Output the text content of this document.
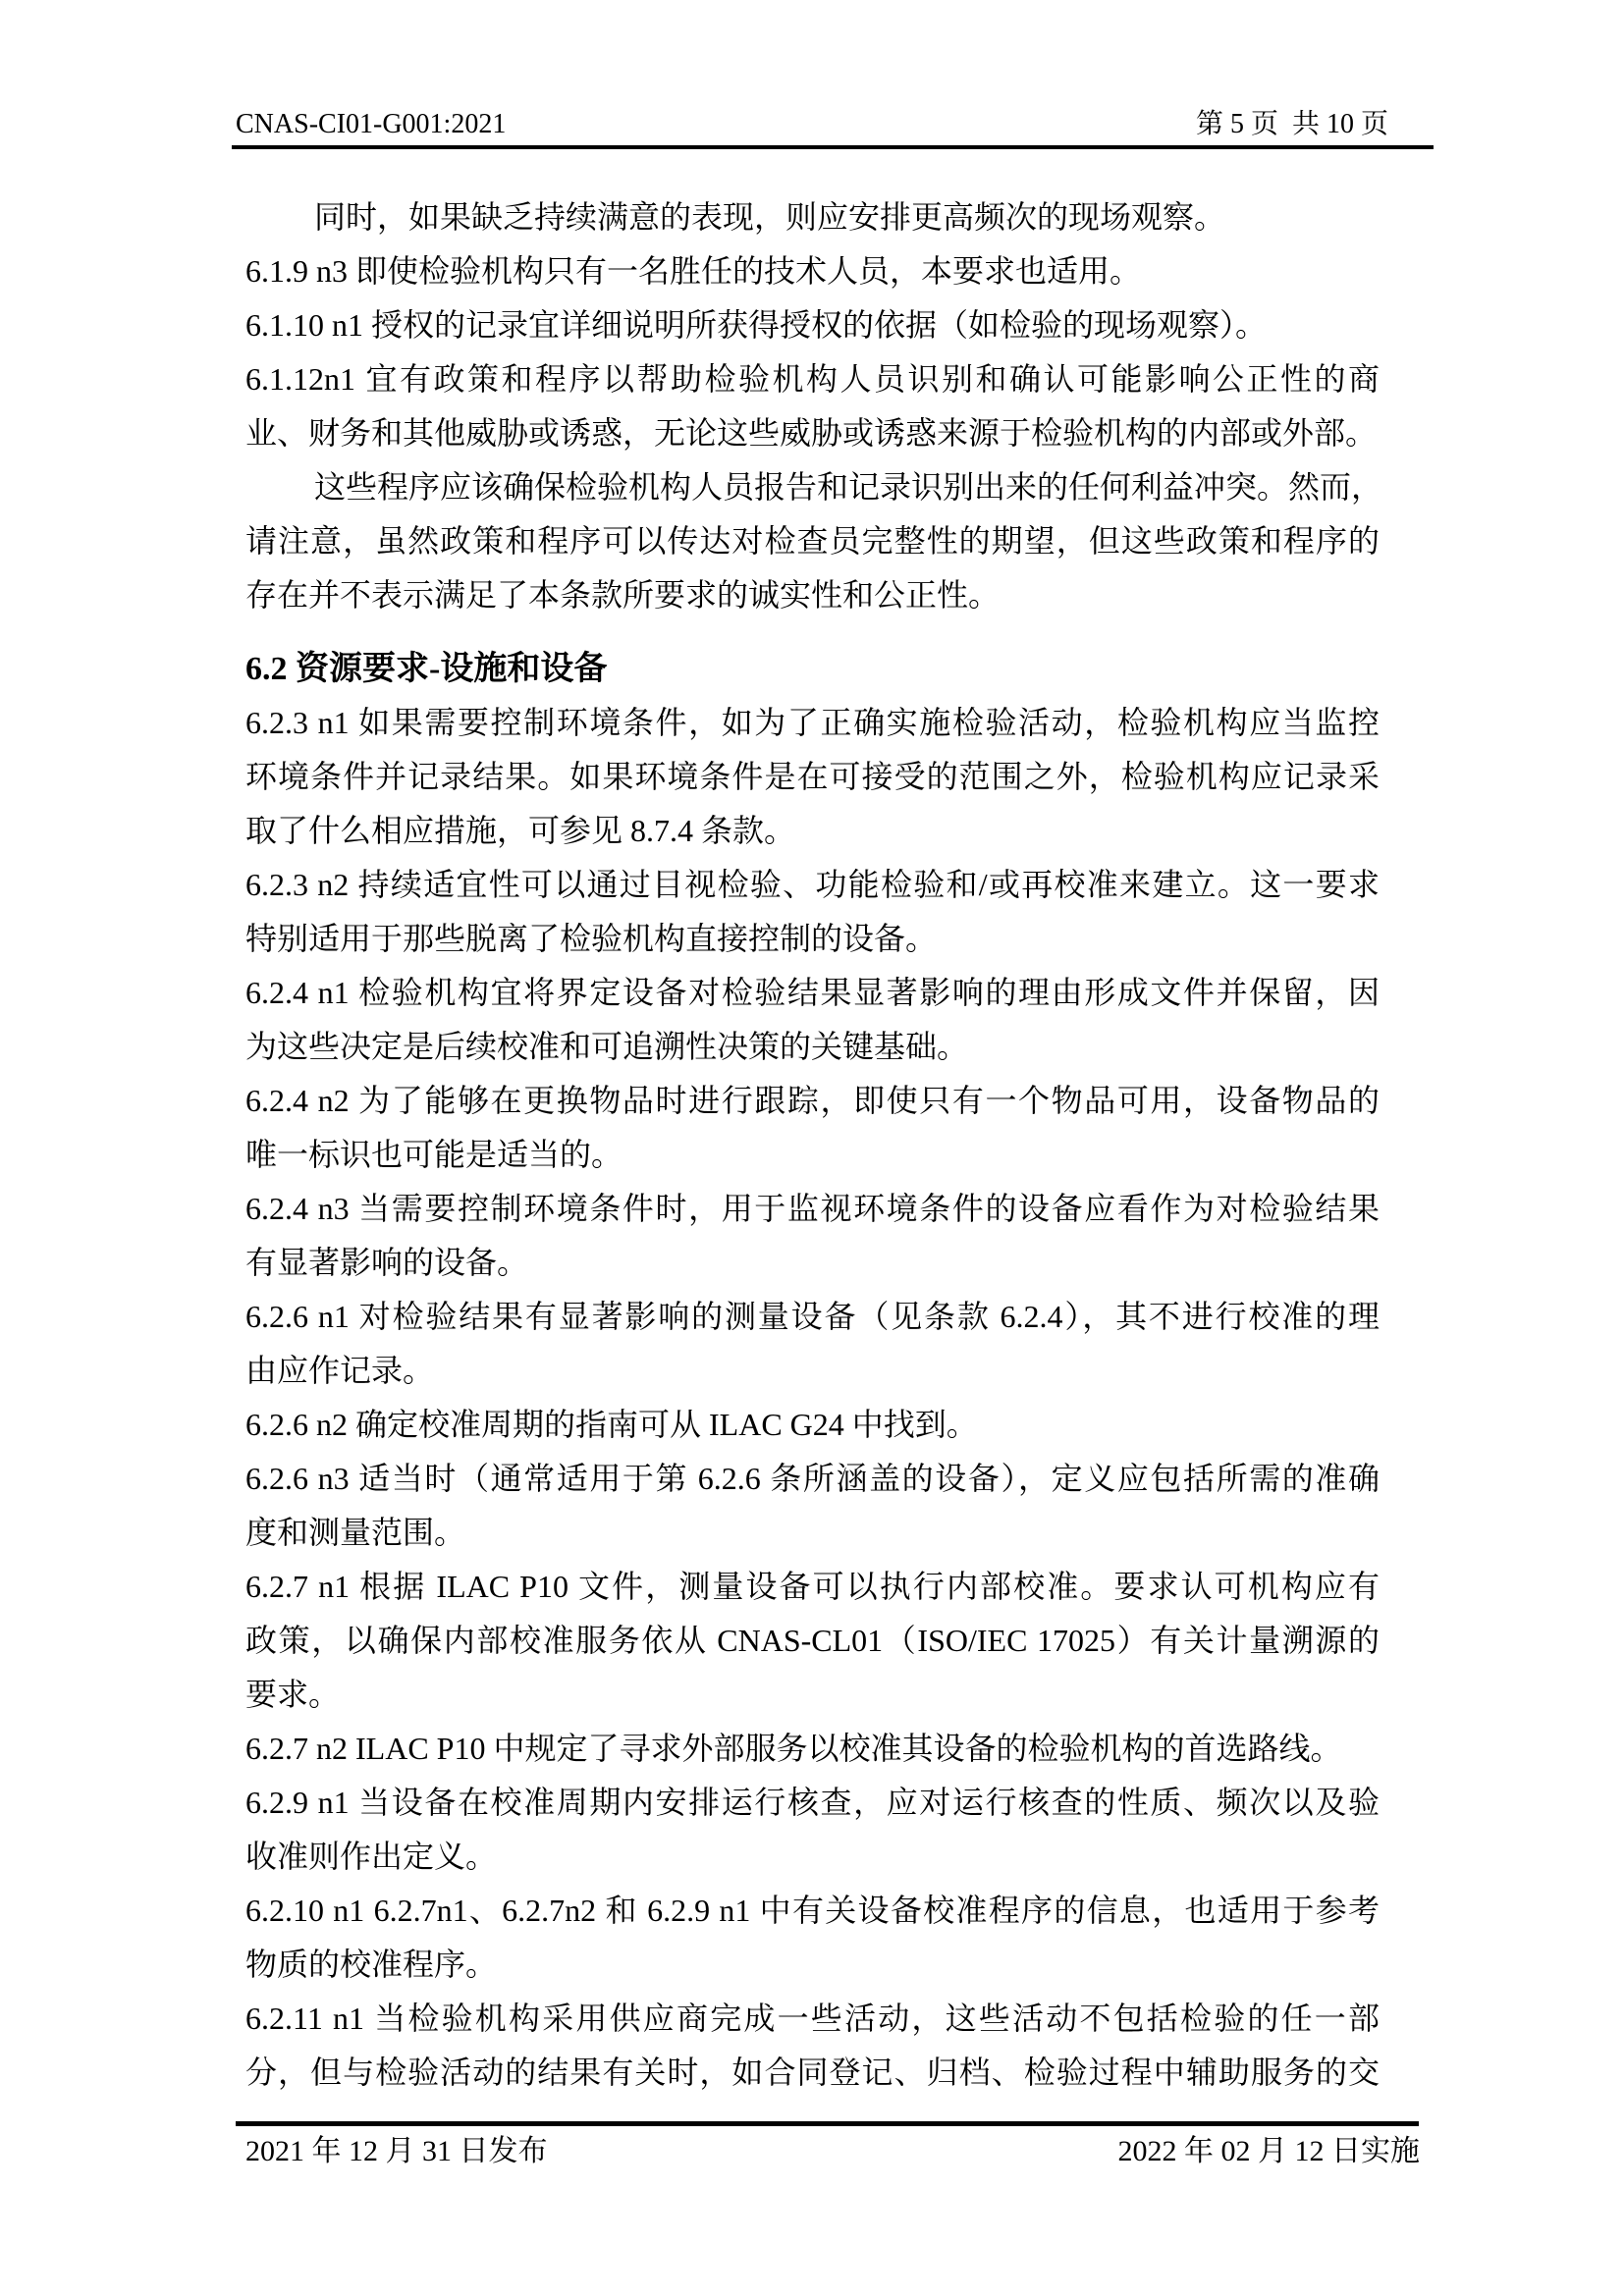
CNAS-CI01-G001:2021	第 5 页  共 10 页
同时，如果缺乏持续满意的表现，则应安排更高频次的现场观察。
6.1.9 n3 即使检验机构只有一名胜任的技术人员，本要求也适用。
6.1.10 n1 授权的记录宜详细说明所获得授权的依据（如检验的现场观察）。
6.1.12n1 宜有政策和程序以帮助检验机构人员识别和确认可能影响公正性的商
业、财务和其他威胁或诱惑，无论这些威胁或诱惑来源于检验机构的内部或外部。
这些程序应该确保检验机构人员报告和记录识别出来的任何利益冲突。然而，
请注意，虽然政策和程序可以传达对检查员完整性的期望，但这些政策和程序的
存在并不表示满足了本条款所要求的诚实性和公正性。
6.2 资源要求-设施和设备
6.2.3 n1 如果需要控制环境条件，如为了正确实施检验活动，检验机构应当监控
环境条件并记录结果。如果环境条件是在可接受的范围之外，检验机构应记录采
取了什么相应措施，可参见 8.7.4 条款。
6.2.3 n2 持续适宜性可以通过目视检验、功能检验和/或再校准来建立。这一要求
特别适用于那些脱离了检验机构直接控制的设备。
6.2.4 n1 检验机构宜将界定设备对检验结果显著影响的理由形成文件并保留，因
为这些决定是后续校准和可追溯性决策的关键基础。
6.2.4 n2 为了能够在更换物品时进行跟踪，即使只有一个物品可用，设备物品的
唯一标识也可能是适当的。
6.2.4 n3 当需要控制环境条件时，用于监视环境条件的设备应看作为对检验结果
有显著影响的设备。
6.2.6 n1 对检验结果有显著影响的测量设备（见条款 6.2.4），其不进行校准的理
由应作记录。
6.2.6 n2 确定校准周期的指南可从 ILAC G24 中找到。
6.2.6 n3 适当时（通常适用于第 6.2.6 条所涵盖的设备），定义应包括所需的准确
度和测量范围。
6.2.7 n1 根据 ILAC P10 文件，测量设备可以执行内部校准。要求认可机构应有
政策，以确保内部校准服务依从 CNAS-CL01（ISO/IEC 17025）有关计量溯源的
要求。
6.2.7 n2 ILAC P10 中规定了寻求外部服务以校准其设备的检验机构的首选路线。
6.2.9 n1 当设备在校准周期内安排运行核查，应对运行核查的性质、频次以及验
收准则作出定义。
6.2.10 n1 6.2.7n1、6.2.7n2 和 6.2.9 n1 中有关设备校准程序的信息，也适用于参考
物质的校准程序。
6.2.11 n1 当检验机构采用供应商完成一些活动，这些活动不包括检验的任一部
分，但与检验活动的结果有关时，如合同登记、归档、检验过程中辅助服务的交
2021 年 12 月 31 日发布	2022 年 02 月 12 日实施
